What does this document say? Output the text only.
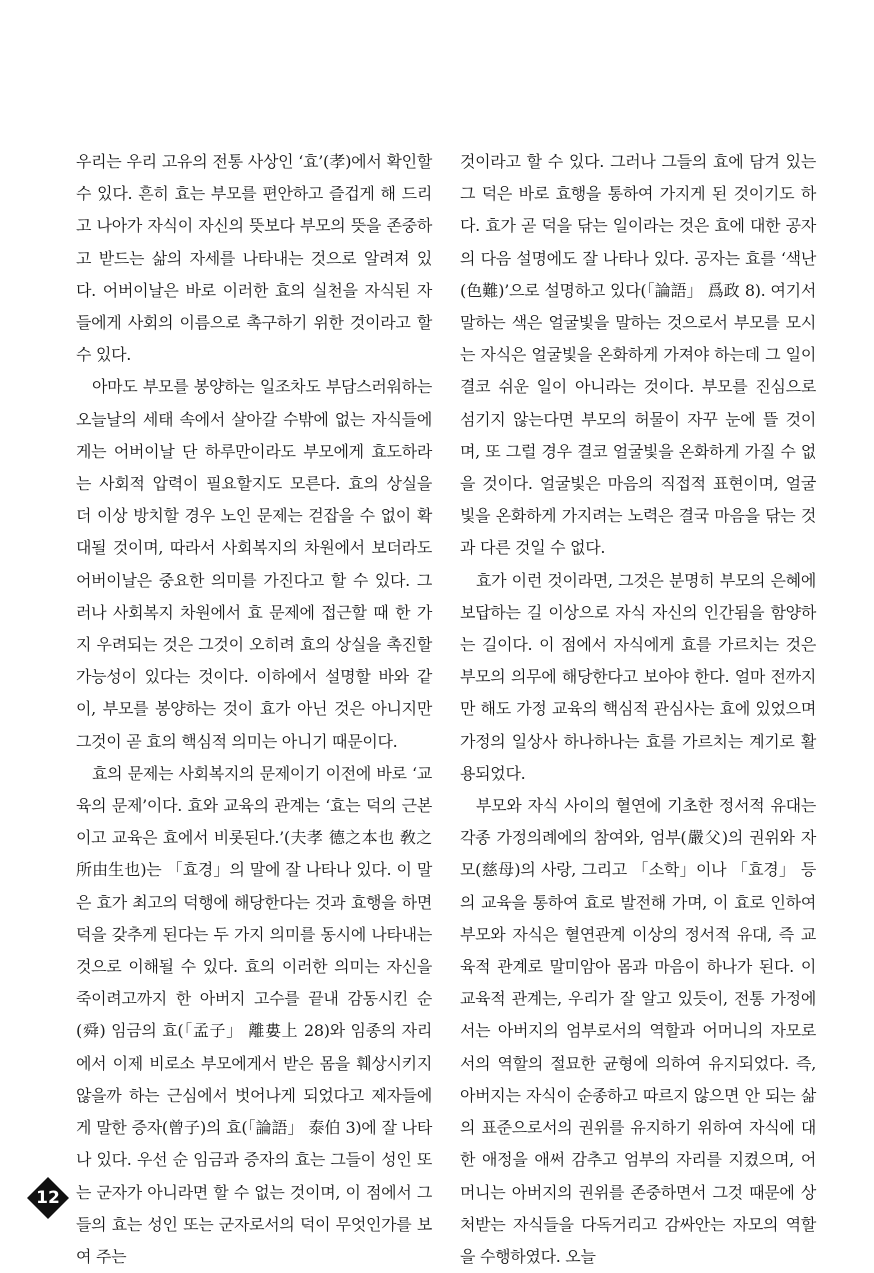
우리는 우리 고유의 전통 사상인 ‘효’(孝)에서 확인할 수 있다. 흔히 효는 부모를 편안하고 즐겁게 해 드리고 나아가 자식이 자신의 뜻보다 부모의 뜻을 존중하고 받드는 삶의 자세를 나타내는 것으로 알려져 있다. 어버이날은 바로 이러한 효의 실천을 자식된 자들에게 사회의 이름으로 촉구하기 위한 것이라고 할 수 있다.

아마도 부모를 봉양하는 일조차도 부담스러워하는 오늘날의 세태 속에서 살아갈 수밖에 없는 자식들에게는 어버이날 단 하루만이라도 부모에게 효도하라는 사회적 압력이 필요할지도 모른다. 효의 상실을 더 이상 방치할 경우 노인 문제는 걷잡을 수 없이 확대될 것이며, 따라서 사회복지의 차원에서 보더라도 어버이날은 중요한 의미를 가진다고 할 수 있다. 그러나 사회복지 차원에서 효 문제에 접근할 때 한 가지 우려되는 것은 그것이 오히려 효의 상실을 촉진할 가능성이 있다는 것이다. 이하에서 설명할 바와 같이, 부모를 봉양하는 것이 효가 아닌 것은 아니지만 그것이 곧 효의 핵심적 의미는 아니기 때문이다.

효의 문제는 사회복지의 문제이기 이전에 바로 ‘교육의 문제’이다. 효와 교육의 관계는 ‘효는 덕의 근본이고 교육은 효에서 비롯된다.’(夫孝 德之本也 敎之所由生也)는 「효경」의 말에 잘 나타나 있다. 이 말은 효가 최고의 덕행에 해당한다는 것과 효행을 하면 덕을 갖추게 된다는 두 가지 의미를 동시에 나타내는 것으로 이해될 수 있다. 효의 이러한 의미는 자신을 죽이려고까지 한 아버지 고수를 끝내 감동시킨 순(舜) 임금의 효(「孟子」 離婁上 28)와 임종의 자리에서 이제 비로소 부모에게서 받은 몸을 훼상시키지 않을까 하는 근심에서 벗어나게 되었다고 제자들에게 말한 증자(曾子)의 효(「論語」 泰伯 3)에 잘 나타나 있다. 우선 순 임금과 증자의 효는 그들이 성인 또는 군자가 아니라면 할 수 없는 것이며, 이 점에서 그들의 효는 성인 또는 군자로서의 덕이 무엇인가를 보여 주는

것이라고 할 수 있다. 그러나 그들의 효에 담겨 있는 그 덕은 바로 효행을 통하여 가지게 된 것이기도 하다. 효가 곧 덕을 닦는 일이라는 것은 효에 대한 공자의 다음 설명에도 잘 나타나 있다. 공자는 효를 ‘색난(色難)’으로 설명하고 있다(「論語」 爲政 8). 여기서 말하는 색은 얼굴빛을 말하는 것으로서 부모를 모시는 자식은 얼굴빛을 온화하게 가져야 하는데 그 일이 결코 쉬운 일이 아니라는 것이다. 부모를 진심으로 섬기지 않는다면 부모의 허물이 자꾸 눈에 뜰 것이며, 또 그럴 경우 결코 얼굴빛을 온화하게 가질 수 없을 것이다. 얼굴빛은 마음의 직접적 표현이며, 얼굴빛을 온화하게 가지려는 노력은 결국 마음을 닦는 것과 다른 것일 수 없다.

효가 이런 것이라면, 그것은 분명히 부모의 은혜에 보답하는 길 이상으로 자식 자신의 인간됨을 함양하는 길이다. 이 점에서 자식에게 효를 가르치는 것은 부모의 의무에 해당한다고 보아야 한다. 얼마 전까지만 해도 가정 교육의 핵심적 관심사는 효에 있었으며 가정의 일상사 하나하나는 효를 가르치는 계기로 활용되었다.

부모와 자식 사이의 혈연에 기초한 정서적 유대는 각종 가정의례에의 참여와, 엄부(嚴父)의 권위와 자모(慈母)의 사랑, 그리고 「소학」이나 「효경」 등의 교육을 통하여 효로 발전해 가며, 이 효로 인하여 부모와 자식은 혈연관계 이상의 정서적 유대, 즉 교육적 관계로 말미암아 몸과 마음이 하나가 된다. 이 교육적 관계는, 우리가 잘 알고 있듯이, 전통 가정에서는 아버지의 엄부로서의 역할과 어머니의 자모로서의 역할의 절묘한 균형에 의하여 유지되었다. 즉, 아버지는 자식이 순종하고 따르지 않으면 안 되는 삶의 표준으로서의 권위를 유지하기 위하여 자식에 대한 애정을 애써 감추고 엄부의 자리를 지켰으며, 어머니는 아버지의 권위를 존중하면서 그것 때문에 상처받는 자식들을 다독거리고 감싸안는 자모의 역할을 수행하였다. 오늘

12
